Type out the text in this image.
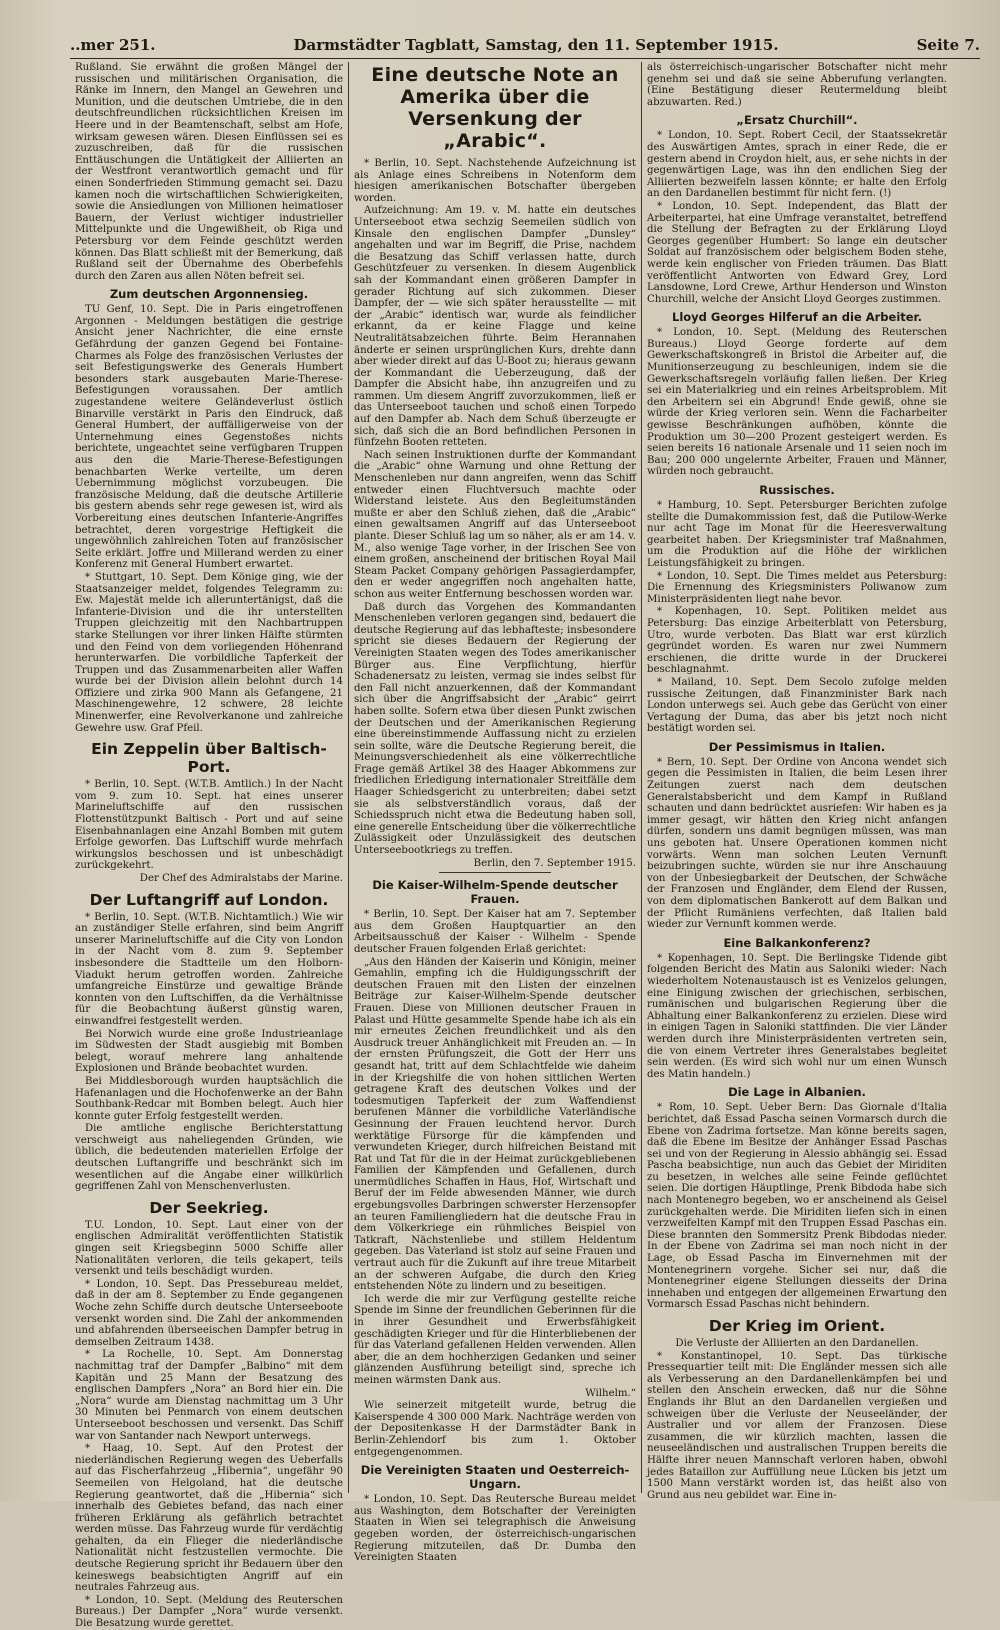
..mer 251.	Darmstädter Tagblatt, Samstag, den 11. September 1915.	Seite 7.

Rußland. Sie erwähnt die großen Mängel der russischen und militärischen Organisation, die Ränke im Innern, den Mangel an Gewehren und Munition, und die deutschen Umtriebe, die in den deutschfreundlichen rücksichtlichen Kreisen im Heere und in der Beamtenschaft, selbst am Hofe, wirksam gewesen wären. Diesen Einflüssen sei es zuzuschreiben, daß für die russischen Enttäuschungen die Untätigkeit der Alliierten an der Westfront verantwortlich gemacht und für einen Sonderfrieden Stimmung gemacht sei. Dazu kamen noch die wirtschaftlichen Schwierigkeiten, sowie die Ansiedlungen von Millionen heimatloser Bauern, der Verlust wichtiger industrieller Mittelpunkte und die Ungewißheit, ob Riga und Petersburg vor dem Feinde geschützt werden können. Das Blatt schließt mit der Bemerkung, daß Rußland seit der Übernahme des Oberbefehls durch den Zaren aus allen Nöten befreit sei.

Zum deutschen Argonnensieg.

TU Genf, 10. Sept. Die in Paris eingetroffenen Argonnen - Meldungen bestätigen die gestrige Ansicht jener Nachrichter, die eine ernste Gefährdung der ganzen Gegend bei Fontaine-Charmes als Folge des französischen Verlustes der seit Befestigungswerke des Generals Humbert besonders stark ausgebauten Marie-Therese-Befestigungen voraussahen. Der amtlich zugestandene weitere Geländeverlust östlich Binarville verstärkt in Paris den Eindruck, daß General Humbert, der auffälligerweise von der Unternehmung eines Gegenstoßes nichts berichtete, ungeachtet seine verfügbaren Truppen aus den die Marie-Therese-Befestigungen benachbarten Werke verteilte, um deren Uebernimmung möglichst vorzubeugen. Die französische Meldung, daß die deutsche Artillerie bis gestern abends sehr rege gewesen ist, wird als Vorbereitung eines deutschen Infanterie-Angriffes betrachtet, deren vorgestrige Heftigkeit die ungewöhnlich zahlreichen Toten auf französischer Seite erklärt. Joffre und Millerand werden zu einer Konferenz mit General Humbert erwartet.

* Stuttgart, 10. Sept. Dem Könige ging, wie der Staatsanzeiger meldet, folgendes Telegramm zu: Ew. Majestät melde ich alleruntertänigst, daß die Infanterie-Division und die ihr unterstellten Truppen gleichzeitig mit den Nachbartruppen starke Stellungen vor ihrer linken Hälfte stürmten und den Feind von dem vorliegenden Höhenrand herunterwarfen. Die vorbildliche Tapferkeit der Truppen und das Zusammenarbeiten aller Waffen wurde bei der Division allein belohnt durch 14 Offiziere und zirka 900 Mann als Gefangene, 21 Maschinengewehre, 12 schwere, 28 leichte Minenwerfer, eine Revolverkanone und zahlreiche Gewehre usw. Graf Pfeil.

Ein Zeppelin über Baltisch-Port.

* Berlin, 10. Sept. (W.T.B. Amtlich.) In der Nacht vom 9. zum 10. Sept. hat eines unserer Marineluftschiffe auf den russischen Flottenstützpunkt Baltisch - Port und auf seine Eisenbahnanlagen eine Anzahl Bomben mit gutem Erfolge geworfen. Das Luftschiff wurde mehrfach wirkungslos beschossen und ist unbeschädigt zurückgekehrt.

Der Chef des Admiralstabs der Marine.

Der Luftangriff auf London.

* Berlin, 10. Sept. (W.T.B. Nichtamtlich.) Wie wir an zuständiger Stelle erfahren, sind beim Angriff unserer Marineluftschiffe auf die City von London in der Nacht vom 8. zum 9. September insbesondere die Stadtteile um den Holborn-Viadukt herum getroffen worden. Zahlreiche umfangreiche Einstürze und gewaltige Brände konnten von den Luftschiffen, da die Verhältnisse für die Beobachtung äußerst günstig waren, einwandfrei festgestellt werden.

Bei Norwich wurde eine große Industrieanlage im Südwesten der Stadt ausgiebig mit Bomben belegt, worauf mehrere lang anhaltende Explosionen und Brände beobachtet wurden.

Bei Middlesborough wurden hauptsächlich die Hafenanlagen und die Hochofenwerke an der Bahn Southbank-Redcar mit Bomben belegt. Auch hier konnte guter Erfolg festgestellt werden.

Die amtliche englische Berichterstattung verschweigt aus naheliegenden Gründen, wie üblich, die bedeutenden materiellen Erfolge der deutschen Luftangriffe und beschränkt sich im wesentlichen auf die Angabe einer willkürlich gegriffenen Zahl von Menschenverlusten.

Der Seekrieg.

T.U. London, 10. Sept. Laut einer von der englischen Admiralität veröffentlichten Statistik gingen seit Kriegsbeginn 5000 Schiffe aller Nationalitäten verloren, die teils gekapert, teils versenkt und teils beschädigt wurden.

* London, 10. Sept. Das Pressebureau meldet, daß in der am 8. September zu Ende gegangenen Woche zehn Schiffe durch deutsche Unterseeboote versenkt worden sind. Die Zahl der ankommenden und abfahrenden überseeischen Dampfer betrug in demselben Zeitraum 1438.

* La Rochelle, 10. Sept. Am Donnerstag nachmittag traf der Dampfer „Balbino“ mit dem Kapitän und 25 Mann der Besatzung des englischen Dampfers „Nora“ an Bord hier ein. Die „Nora“ wurde am Dienstag nachmittag um 3 Uhr 30 Minuten bei Penmarch von einem deutschen Unterseeboot beschossen und versenkt. Das Schiff war von Santander nach Newport unterwegs.

* Haag, 10. Sept. Auf den Protest der niederländischen Regierung wegen des Ueberfalls auf das Fischerfahrzeug „Hibernia“, ungefähr 90 Seemeilen von Helgoland, hat die deutsche Regierung geantwortet, daß die „Hibernia“ sich innerhalb des Gebietes befand, das nach einer früheren Erklärung als gefährlich betrachtet werden müsse. Das Fahrzeug wurde für verdächtig gehalten, da ein Flieger die niederländische Nationalität nicht festzustellen vermochte. Die deutsche Regierung spricht ihr Bedauern über den keineswegs beabsichtigten Angriff auf ein neutrales Fahrzeug aus.

* London, 10. Sept. (Meldung des Reuterschen Bureaus.) Der Dampfer „Nora“ wurde versenkt. Die Besatzung wurde gerettet.

Eine deutsche Note an Amerika über die Versenkung der „Arabic“.

* Berlin, 10. Sept. Nachstehende Aufzeichnung ist als Anlage eines Schreibens in Notenform dem hiesigen amerikanischen Botschafter übergeben worden.

Aufzeichnung: Am 19. v. M. hatte ein deutsches Unterseeboot etwa sechzig Seemeilen südlich von Kinsale den englischen Dampfer „Dunsley“ angehalten und war im Begriff, die Prise, nachdem die Besatzung das Schiff verlassen hatte, durch Geschützfeuer zu versenken. In diesem Augenblick sah der Kommandant einen größeren Dampfer in gerader Richtung auf sich zukommen. Dieser Dampfer, der — wie sich später herausstellte — mit der „Arabic“ identisch war, wurde als feindlicher erkannt, da er keine Flagge und keine Neutralitätsabzeichen führte. Beim Herannahen änderte er seinen ursprünglichen Kurs, drehte dann aber wieder direkt auf das U-Boot zu; hieraus gewann der Kommandant die Ueberzeugung, daß der Dampfer die Absicht habe, ihn anzugreifen und zu rammen. Um diesem Angriff zuvorzukommen, ließ er das Unterseeboot tauchen und schoß einen Torpedo auf den Dampfer ab. Nach dem Schuß überzeugte er sich, daß sich die an Bord befindlichen Personen in fünfzehn Booten retteten.

Nach seinen Instruktionen durfte der Kommandant die „Arabic“ ohne Warnung und ohne Rettung der Menschenleben nur dann angreifen, wenn das Schiff entweder einen Fluchtversuch machte oder Widerstand leistete. Aus den Begleitumständen mußte er aber den Schluß ziehen, daß die „Arabic“ einen gewaltsamen Angriff auf das Unterseeboot plante. Dieser Schluß lag um so näher, als er am 14. v. M., also wenige Tage vorher, in der Irischen See von einem großen, anscheinend der britischen Royal Mail Steam Packet Company gehörigen Passagierdampfer, den er weder angegriffen noch angehalten hatte, schon aus weiter Entfernung beschossen worden war.

Daß durch das Vorgehen des Kommandanten Menschenleben verloren gegangen sind, bedauert die deutsche Regierung auf das lebhafteste; insbesondere spricht sie dieses Bedauern der Regierung der Vereinigten Staaten wegen des Todes amerikanischer Bürger aus. Eine Verpflichtung, hierfür Schadenersatz zu leisten, vermag sie indes selbst für den Fall nicht anzuerkennen, daß der Kommandant sich über die Angriffsabsicht der „Arabic“ geirrt haben sollte. Sofern etwa über diesen Punkt zwischen der Deutschen und der Amerikanischen Regierung eine übereinstimmende Auffassung nicht zu erzielen sein sollte, wäre die Deutsche Regierung bereit, die Meinungsverschiedenheit als eine völkerrechtliche Frage gemäß Artikel 38 des Haager Abkommens zur friedlichen Erledigung internationaler Streitfälle dem Haager Schiedsgericht zu unterbreiten; dabei setzt sie als selbstverständlich voraus, daß der Schiedsspruch nicht etwa die Bedeutung haben soll, eine generelle Entscheidung über die völkerrechtliche Zulässigkeit oder Unzulässigkeit des deutschen Unterseebootkriegs zu treffen.

Berlin, den 7. September 1915.

Die Kaiser-Wilhelm-Spende deutscher Frauen.

* Berlin, 10. Sept. Der Kaiser hat am 7. September aus dem Großen Hauptquartier an den Arbeitsausschuß der Kaiser - Wilhelm - Spende deutscher Frauen folgenden Erlaß gerichtet:

„Aus den Händen der Kaiserin und Königin, meiner Gemahlin, empfing ich die Huldigungsschrift der deutschen Frauen mit den Listen der einzelnen Beiträge zur Kaiser-Wilhelm-Spende deutscher Frauen. Diese von Millionen deutscher Frauen in Palast und Hütte gesammelte Spende habe ich als ein mir erneutes Zeichen freundlichkeit und als den Ausdruck treuer Anhänglichkeit mit Freuden an. — In der ernsten Prüfungszeit, die Gott der Herr uns gesandt hat, tritt auf dem Schlachtfelde wie daheim in der Kriegshilfe die von hohen sittlichen Werten getragene Kraft des deutschen Volkes und der todesmutigen Tapferkeit der zum Waffendienst berufenen Männer die vorbildliche Vaterländische Gesinnung der Frauen leuchtend hervor. Durch werktätige Fürsorge für die kämpfenden und verwundeten Krieger, durch hilfreichen Beistand mit Rat und Tat für die in der Heimat zurückgebliebenen Familien der Kämpfenden und Gefallenen, durch unermüdliches Schaffen in Haus, Hof, Wirtschaft und Beruf der im Felde abwesenden Männer, wie durch ergebungsvolles Darbringen schwerster Herzensopfer an teuren Familiengliedern hat die deutsche Frau in dem Völkerkriege ein rühmliches Beispiel von Tatkraft, Nächstenliebe und stillem Heldentum gegeben. Das Vaterland ist stolz auf seine Frauen und vertraut auch für die Zukunft auf ihre treue Mitarbeit an der schweren Aufgabe, die durch den Krieg entstehenden Nöte zu lindern und zu beseitigen.

Ich werde die mir zur Verfügung gestellte reiche Spende im Sinne der freundlichen Geberinnen für die in ihrer Gesundheit und Erwerbsfähigkeit geschädigten Krieger und für die Hinterbliebenen der für das Vaterland gefallenen Helden verwenden. Allen aber, die an dem hochherzigen Gedanken und seiner glänzenden Ausführung beteiligt sind, spreche ich meinen wärmsten Dank aus.

Wilhelm.“

Wie seinerzeit mitgeteilt wurde, betrug die Kaiserspende 4 300 000 Mark. Nachträge werden von der Depositenkasse H der Darmstädter Bank in Berlin-Zehlendorf bis zum 1. Oktober entgegengenommen.

Die Vereinigten Staaten und Oesterreich-Ungarn.

* London, 10. Sept. Das Reutersche Bureau meldet aus Washington, dem Botschafter der Vereinigten Staaten in Wien sei telegraphisch die Anweisung gegeben worden, der österreichisch-ungarischen Regierung mitzuteilen, daß Dr. Dumba den Vereinigten Staaten

als österreichisch-ungarischer Botschafter nicht mehr genehm sei und daß sie seine Abberufung verlangten. (Eine Bestätigung dieser Reutermeldung bleibt abzuwarten. Red.)

„Ersatz Churchill“.

* London, 10. Sept. Robert Cecil, der Staatssekretär des Auswärtigen Amtes, sprach in einer Rede, die er gestern abend in Croydon hielt, aus, er sehe nichts in der gegenwärtigen Lage, was ihn den endlichen Sieg der Alliierten bezweifeln lassen könnte; er halte den Erfolg an den Dardanellen bestimmt für nicht fern. (!)

* London, 10. Sept. Independent, das Blatt der Arbeiterpartei, hat eine Umfrage veranstaltet, betreffend die Stellung der Befragten zu der Erklärung Lloyd Georges gegenüber Humbert: So lange ein deutscher Soldat auf französischem oder belgischem Boden stehe, werde kein englischer von Frieden träumen. Das Blatt veröffentlicht Antworten von Edward Grey, Lord Lansdowne, Lord Crewe, Arthur Henderson und Winston Churchill, welche der Ansicht Lloyd Georges zustimmen.

Lloyd Georges Hilferuf an die Arbeiter.

* London, 10. Sept. (Meldung des Reuterschen Bureaus.) Lloyd George forderte auf dem Gewerkschaftskongreß in Bristol die Arbeiter auf, die Munitionserzeugung zu beschleunigen, indem sie die Gewerkschaftsregeln vorläufig fallen ließen. Der Krieg sei ein Materialkrieg und ein reines Arbeitsproblem. Mit den Arbeitern sei ein Abgrund! Ende gewiß, ohne sie würde der Krieg verloren sein. Wenn die Facharbeiter gewisse Beschränkungen aufhöben, könnte die Produktion um 30—200 Prozent gesteigert werden. Es seien bereits 16 nationale Arsenale und 11 seien noch im Bau; 200 000 ungelernte Arbeiter, Frauen und Männer, würden noch gebraucht.

Russisches.

* Hamburg, 10. Sept. Petersburger Berichten zufolge stellte die Dumakommission fest, daß die Putilow-Werke nur acht Tage im Monat für die Heeresverwaltung gearbeitet haben. Der Kriegsminister traf Maßnahmen, um die Produktion auf die Höhe der wirklichen Leistungsfähigkeit zu bringen.

* London, 10. Sept. Die Times meldet aus Petersburg: Die Ernennung des Kriegsministers Poliwanow zum Ministerpräsidenten liegt nahe bevor.

* Kopenhagen, 10. Sept. Politiken meldet aus Petersburg: Das einzige Arbeiterblatt von Petersburg, Utro, wurde verboten. Das Blatt war erst kürzlich gegründet worden. Es waren nur zwei Nummern erschienen, die dritte wurde in der Druckerei beschlagnahmt.

* Mailand, 10. Sept. Dem Secolo zufolge melden russische Zeitungen, daß Finanzminister Bark nach London unterwegs sei. Auch gebe das Gerücht von einer Vertagung der Duma, das aber bis jetzt noch nicht bestätigt worden sei.

Der Pessimismus in Italien.

* Bern, 10. Sept. Der Ordine von Ancona wendet sich gegen die Pessimisten in Italien, die beim Lesen ihrer Zeitungen zuerst nach dem deutschen Generalstabsbericht und dem Kampf in Rußland schauten und dann bedrücktet ausriefen: Wir haben es ja immer gesagt, wir hätten den Krieg nicht anfangen dürfen, sondern uns damit begnügen müssen, was man uns geboten hat. Unsere Operationen kommen nicht vorwärts. Wenn man solchen Leuten Vernunft beizubringen suchte, würden sie nur ihre Anschauung von der Unbesiegbarkeit der Deutschen, der Schwäche der Franzosen und Engländer, dem Elend der Russen, von dem diplomatischen Bankerott auf dem Balkan und der Pflicht Rumäniens verfechten, daß Italien bald wieder zur Vernunft kommen werde.

Eine Balkankonferenz?

* Kopenhagen, 10. Sept. Die Berlingske Tidende gibt folgenden Bericht des Matin aus Saloniki wieder: Nach wiederholtem Notenaustausch ist es Venizelos gelungen, eine Einigung zwischen der griechischen, serbischen, rumänischen und bulgarischen Regierung über die Abhaltung einer Balkankonferenz zu erzielen. Diese wird in einigen Tagen in Saloniki stattfinden. Die vier Länder werden durch ihre Ministerpräsidenten vertreten sein, die von einem Vertreter ihres Generalstabes begleitet sein werden. (Es wird sich wohl nur um einen Wunsch des Matin handeln.)

Die Lage in Albanien.

* Rom, 10. Sept. Ueber Bern: Das Giornale d'Italia berichtet, daß Essad Pascha seinen Vormarsch durch die Ebene von Zadrima fortsetze. Man könne bereits sagen, daß die Ebene im Besitze der Anhänger Essad Paschas sei und von der Regierung in Alessio abhängig sei. Essad Pascha beabsichtige, nun auch das Gebiet der Miriditen zu besetzen, in welches alle seine Feinde geflüchtet seien. Die dortigen Häuptlinge, Prenk Bibdoda habe sich nach Montenegro begeben, wo er anscheinend als Geisel zurückgehalten werde. Die Miriditen liefen sich in einen verzweifelten Kampf mit den Truppen Essad Paschas ein. Diese brannten den Sommersitz Prenk Bibdodas nieder. In der Ebene von Zadrima sei man noch nicht in der Lage, ob Essad Pascha im Einvernehmen mit der Montenegrinern vorgehe. Sicher sei nur, daß die Montenegriner eigene Stellungen diesseits der Drina innehaben und entgegen der allgemeinen Erwartung den Vormarsch Essad Paschas nicht behindern.

Der Krieg im Orient.

Die Verluste der Alliierten an den Dardanellen.

* Konstantinopel, 10. Sept. Das türkische Pressequartier teilt mit: Die Engländer messen sich alle als Verbesserung an den Dardanellenkämpfen bei und stellen den Anschein erwecken, daß nur die Söhne Englands ihr Blut an den Dardanellen vergießen und schweigen über die Verluste der Neuseeländer, der Australier und vor allem der Franzosen. Diese zusammen, die wir kürzlich machten, lassen die neuseeländischen und australischen Truppen bereits die Hälfte ihrer neuen Mannschaft verloren haben, obwohl jedes Bataillon zur Auffüllung neue Lücken bis jetzt um 1500 Mann verstärkt worden ist, das heißt also von Grund aus neu gebildet war. Eine in-
